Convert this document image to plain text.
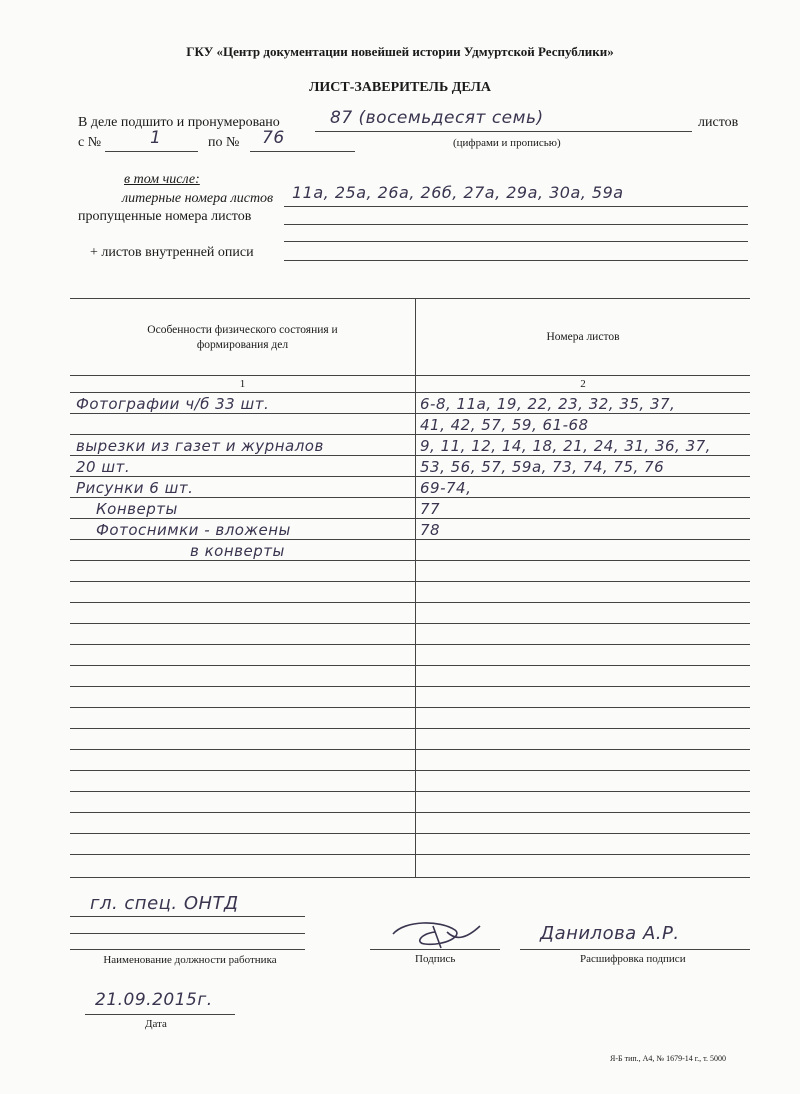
ГКУ «Центр документации новейшей истории Удмуртской Республики»
ЛИСТ-ЗАВЕРИТЕЛЬ ДЕЛА
В деле подшито и пронумеровано	87 (восемьдесят семь)	листов
с №	1	по № 76	(цифрами и прописью)
в том числе:
литерные номера листов 11а, 25а, 26а, 26б, 27а, 29а, 30а, 59а
пропущенные номера листов
+ листов внутренней описи
Особенности физического состояния и формирования дел
Номера листов
1	2
Фотографии ч/б 33 шт.	6-8, 11а, 19, 22, 23, 32, 35, 37,
41, 42, 57, 59, 61-68
вырезки из газет и журналов	9, 11, 12, 14, 18, 21, 24, 31, 36, 37,
20 шт.	53, 56, 57, 59а, 73, 74, 75, 76
Рисунки 6 шт.	69-74,
Конверты	77
Фотоснимки - вложены	78
в конверты
гл. спец. ОНТД
Наименование должности работника	Подпись
Данилова А.Р.
Расшифровка подписи
21.09.2015г.
Дата
Я-Б тип., А4, № 1679-14 г., т. 5000
